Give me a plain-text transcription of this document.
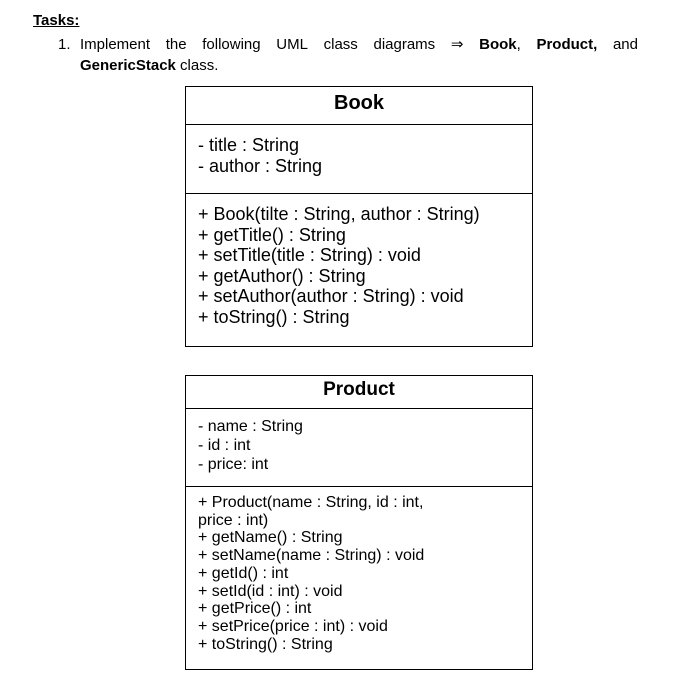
Tasks:
1. Implement the following UML class diagrams ⇒ Book, Product, and
GenericStack class.
Book
- title : String
- author : String
+ Book(tilte : String, author : String)
+ getTitle() : String
+ setTitle(title : String) : void
+ getAuthor() : String
+ setAuthor(author : String) : void
+ toString() : String
Product
- name : String
- id : int
- price: int
+ Product(name : String, id : int,
price : int)
+ getName() : String
+ setName(name : String) : void
+ getId() : int
+ setId(id : int) : void
+ getPrice() : int
+ setPrice(price : int) : void
+ toString() : String
